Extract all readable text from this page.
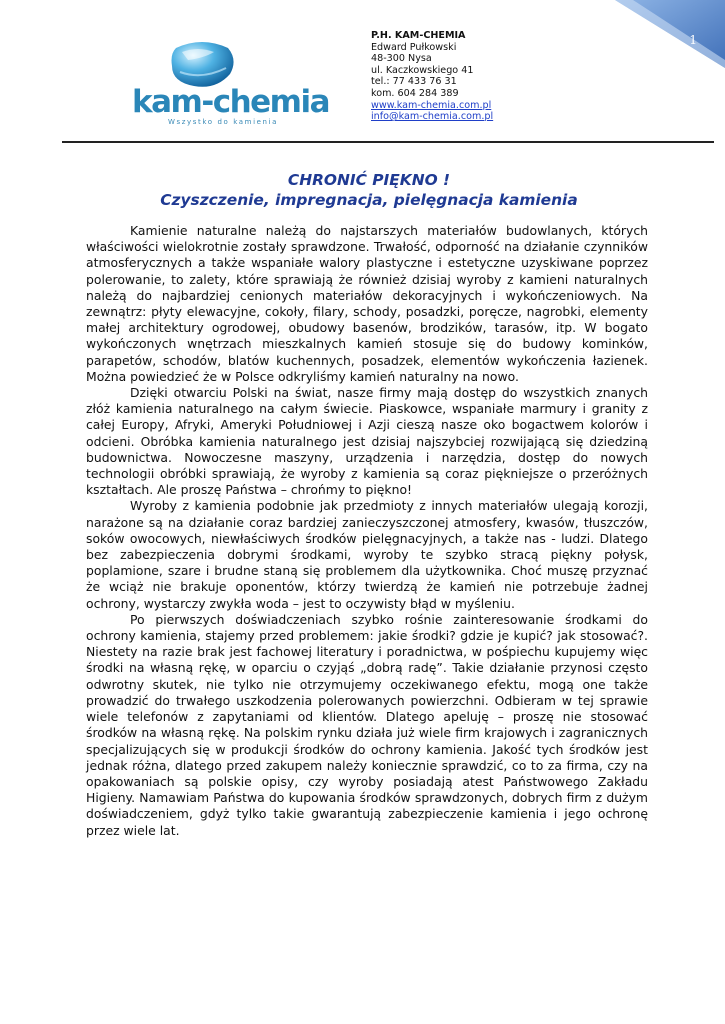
kam-chemia
Wszystko do kamienia
P.H. KAM-CHEMIA
Edward Pułkowski
48-300 Nysa
ul. Kaczkowskiego 41
tel.: 77 433 76 31
kom. 604 284 389
www.kam-chemia.com.pl
info@kam-chemia.com.pl
1
CHRONIĆ PIĘKNO !
Czyszczenie, impregnacja, pielęgnacja kamienia

Kamienie naturalne należą do najstarszych materiałów budowlanych, których właściwości wielokrotnie zostały sprawdzone. Trwałość, odporność na działanie czynników atmosferycznych a także wspaniałe walory plastyczne i estetyczne uzyskiwane poprzez polerowanie, to zalety, które sprawiają że również dzisiaj wyroby z kamieni naturalnych należą do najbardziej cenionych materiałów dekoracyjnych i wykończeniowych. Na zewnątrz: płyty elewacyjne, cokoły, filary, schody, posadzki, poręcze, nagrobki, elementy małej architektury ogrodowej, obudowy basenów, brodzików, tarasów, itp. W bogato wykończonych wnętrzach mieszkalnych kamień stosuje się do budowy kominków, parapetów, schodów, blatów kuchennych, posadzek, elementów wykończenia łazienek. Można powiedzieć że w Polsce odkryliśmy kamień naturalny na nowo.

Dzięki otwarciu Polski na świat, nasze firmy mają dostęp do wszystkich znanych złóż kamienia naturalnego na całym świecie. Piaskowce, wspaniałe marmury i granity z całej Europy, Afryki, Ameryki Południowej i Azji cieszą nasze oko bogactwem kolorów i odcieni. Obróbka kamienia naturalnego jest dzisiaj najszybciej rozwijającą się dziedziną budownictwa. Nowoczesne maszyny, urządzenia i narzędzia, dostęp do nowych technologii obróbki sprawiają, że wyroby z kamienia są coraz piękniejsze o przeróżnych kształtach. Ale proszę Państwa – chrońmy to piękno!

Wyroby z kamienia podobnie jak przedmioty z innych materiałów ulegają korozji, narażone są na działanie coraz bardziej zanieczyszczonej atmosfery, kwasów, tłuszczów, soków owocowych, niewłaściwych środków pielęgnacyjnych, a także nas - ludzi. Dlatego bez zabezpieczenia dobrymi środkami, wyroby te szybko stracą piękny połysk, poplamione, szare i brudne staną się problemem dla użytkownika. Choć muszę przyznać że wciąż nie brakuje oponentów, którzy twierdzą że kamień nie potrzebuje żadnej ochrony, wystarczy zwykła woda – jest to oczywisty błąd w myśleniu.

Po pierwszych doświadczeniach szybko rośnie zainteresowanie środkami do ochrony kamienia, stajemy przed problemem: jakie środki? gdzie je kupić? jak stosować?. Niestety na razie brak jest fachowej literatury i poradnictwa, w pośpiechu kupujemy więc środki na własną rękę, w oparciu o czyjąś „dobrą radę”. Takie działanie przynosi często odwrotny skutek, nie tylko nie otrzymujemy oczekiwanego efektu, mogą one także prowadzić do trwałego uszkodzenia polerowanych powierzchni. Odbieram w tej sprawie wiele telefonów z zapytaniami od klientów. Dlatego apeluję – proszę nie stosować środków na własną rękę. Na polskim rynku działa już wiele firm krajowych i zagranicznych specjalizujących się w produkcji środków do ochrony kamienia. Jakość tych środków jest jednak różna, dlatego przed zakupem należy koniecznie sprawdzić, co to za firma, czy na opakowaniach są polskie opisy, czy wyroby posiadają atest Państwowego Zakładu Higieny. Namawiam Państwa do kupowania środków sprawdzonych, dobrych firm z dużym doświadczeniem, gdyż tylko takie gwarantują zabezpieczenie kamienia i jego ochronę przez wiele lat.
